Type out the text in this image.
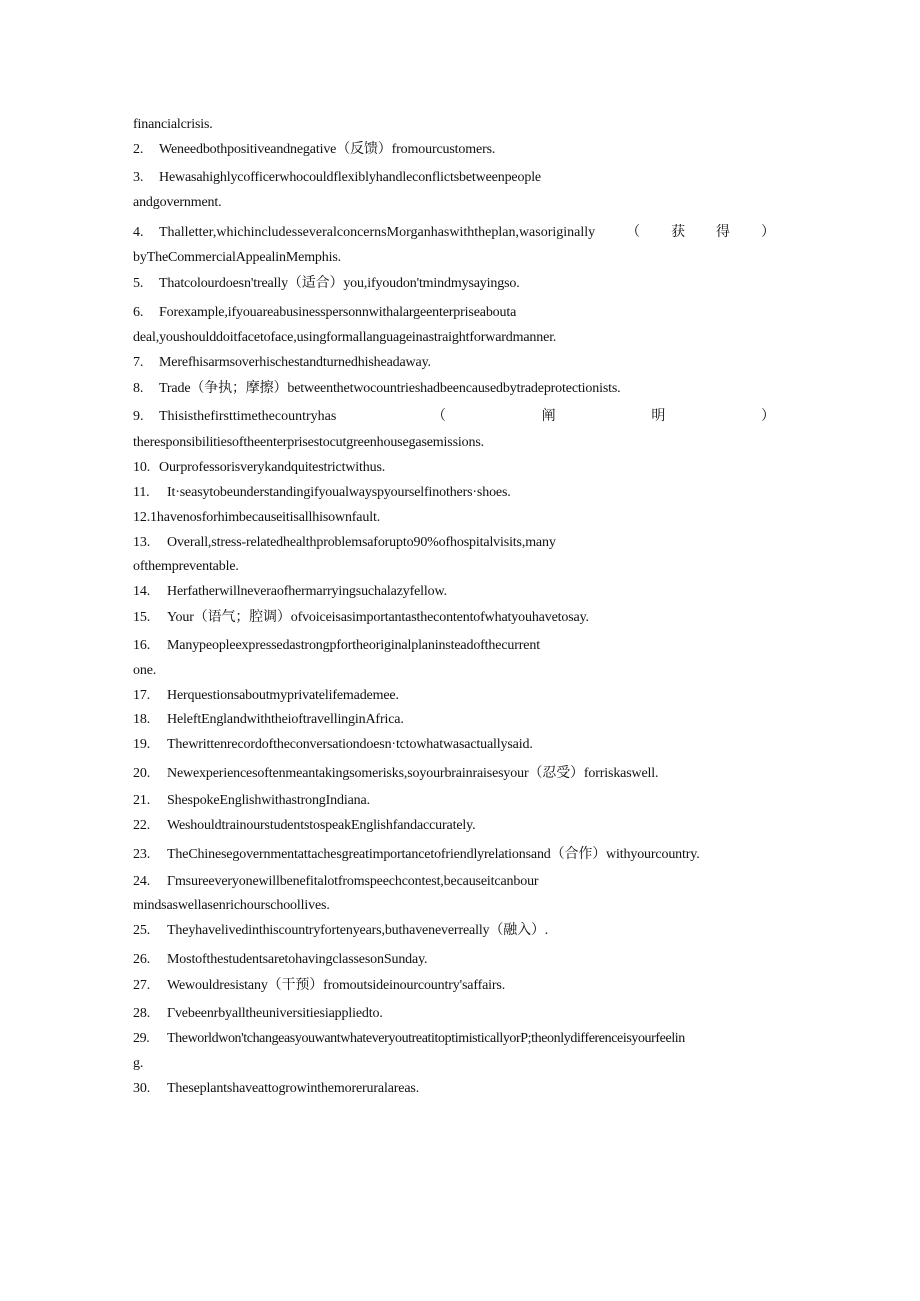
financialcrisis.
2. Weneedbothpositiveandnegative（反馈）fromourcustomers.
3. Hewasahighlycofficerwhocouldflexiblyhandleconflictsbetweenpeople
andgovernment.
4. Thalletter,whichincludesseveralconcernsMorganhaswiththeplan,wasoriginally （ 获 得 ）
byTheCommercialAppealinMemphis.
5. Thatcolourdoesn'treally（适合）you,ifyoudon'tmindmysayingso.
6. Forexample,ifyouareabusinesspersonnwithalargeenterpriseabouta
deal,youshoulddoitfacetoface,usingformallanguageinastraightforwardmanner.
7. Merefhisarmsoverhischestandturnedhisheadaway.
8. Trade（争执；摩擦）betweenthetwocountrieshadbeencausedbytradeprotectionists.
9. Thisisthefirsttimethecountryhas	（	阐	明	）
theresponsibilitiesoftheenterprisestocutgreenhousegasemissions.
10. Ourprofessorisverykandquitestrictwithus.
11. It·seasytobeunderstandingifyoualwayspyourselfinothers·shoes.
12.1havenosforhimbecauseitisallhisownfault.
13. Overall,stress-relatedhealthproblemsaforupto90%ofhospitalvisits,many
ofthempreventable.
14. Herfatherwillneveraofhermarryingsuchalazyfellow.
15. Your（语气；腔调）ofvoiceisasimportantasthecontentofwhatyouhavetosay.
16. Manypeopleexpressedastrongpfortheoriginalplaninsteadofthecurrent
one.
17. Herquestionsaboutmyprivatelifemademee.
18. HeleftEnglandwiththeioftravellinginAfrica.
19. Thewrittenrecordoftheconversationdoesn·tctowhatwasactuallysaid.
20. Newexperiencesoftenmeantakingsomerisks,soyourbrainraisesyour（忍受）forriskaswell.
21. ShespokeEnglishwithastrongIndiana.
22. WeshouldtrainourstudentstospeakEnglishfandaccurately.
23. TheChinesegovernmentattachesgreatimportancetofriendlyrelationsand（合作）withyourcountry.
24. Γmsureeveryonewillbenefitalotfromspeechcontest,becauseitcanbour
mindsaswellasenrichourschoollives.
25. Theyhavelivedinthiscountryfortenyears,buthaveneverreally（融入）.
26. MostofthestudentsaretohavingclassesonSunday.
27. Wewouldresistany（干预）fromoutsideinourcountry'saffairs.
28. Γvebeenrbyalltheuniversitiesiappliedto.
29. Theworldwon'tchangeasyouwantwhateveryoutreatitoptimisticallyorP;theonlydifferenceisyourfeelin
g.
30. Theseplantshaveattogrowinthemoreruralareas.
